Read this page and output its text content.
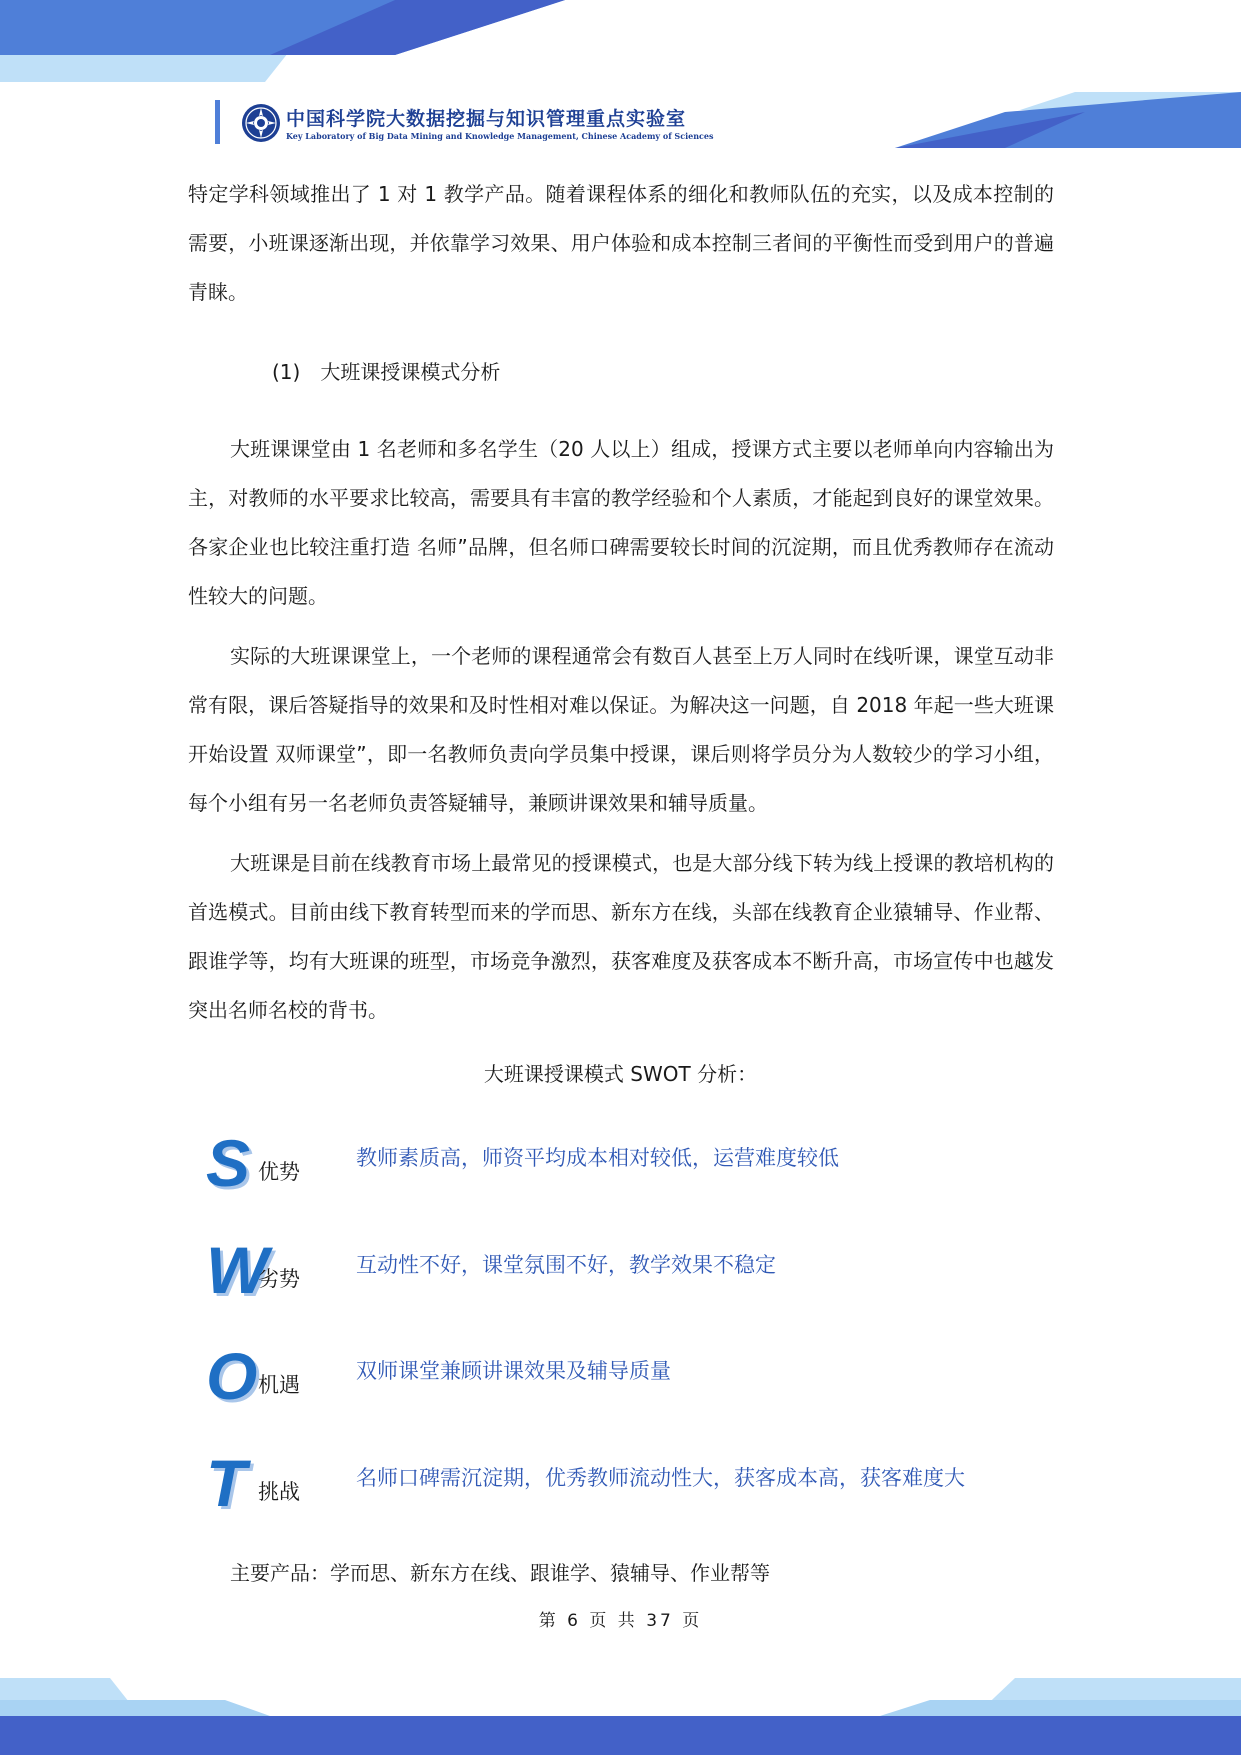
中国科学院大数据挖掘与知识管理重点实验室
Key Laboratory of Big Data Mining and Knowledge Management, Chinese Academy of Sciences

特定学科领域推出了 1 对 1 教学产品。随着课程体系的细化和教师队伍的充实，以及成本控制的需要，小班课逐渐出现，并依靠学习效果、用户体验和成本控制三者间的平衡性而受到用户的普遍青睐。

(1)　大班课授课模式分析

大班课课堂由 1 名老师和多名学生（20 人以上）组成，授课方式主要以老师单向内容输出为主，对教师的水平要求比较高，需要具有丰富的教学经验和个人素质，才能起到良好的课堂效果。各家企业也比较注重打造 名师”品牌，但名师口碑需要较长时间的沉淀期，而且优秀教师存在流动性较大的问题。

实际的大班课课堂上，一个老师的课程通常会有数百人甚至上万人同时在线听课，课堂互动非常有限，课后答疑指导的效果和及时性相对难以保证。为解决这一问题，自 2018 年起一些大班课开始设置 双师课堂”，即一名教师负责向学员集中授课，课后则将学员分为人数较少的学习小组，每个小组有另一名老师负责答疑辅导，兼顾讲课效果和辅导质量。

大班课是目前在线教育市场上最常见的授课模式，也是大部分线下转为线上授课的教培机构的首选模式。目前由线下教育转型而来的学而思、新东方在线，头部在线教育企业猿辅导、作业帮、跟谁学等，均有大班课的班型，市场竞争激烈，获客难度及获客成本不断升高，市场宣传中也越发突出名师名校的背书。

大班课授课模式 SWOT 分析：
S 优势
教师素质高，师资平均成本相对较低，运营难度较低
W
劣势
互动性不好，课堂氛围不好，教学效果不稳定
O 机遇
双师课堂兼顾讲课效果及辅导质量
T 挑战
名师口碑需沉淀期，优秀教师流动性大，获客成本高，获客难度大
主要产品：学而思、新东方在线、跟谁学、猿辅导、作业帮等
第 6 页 共 37 页
